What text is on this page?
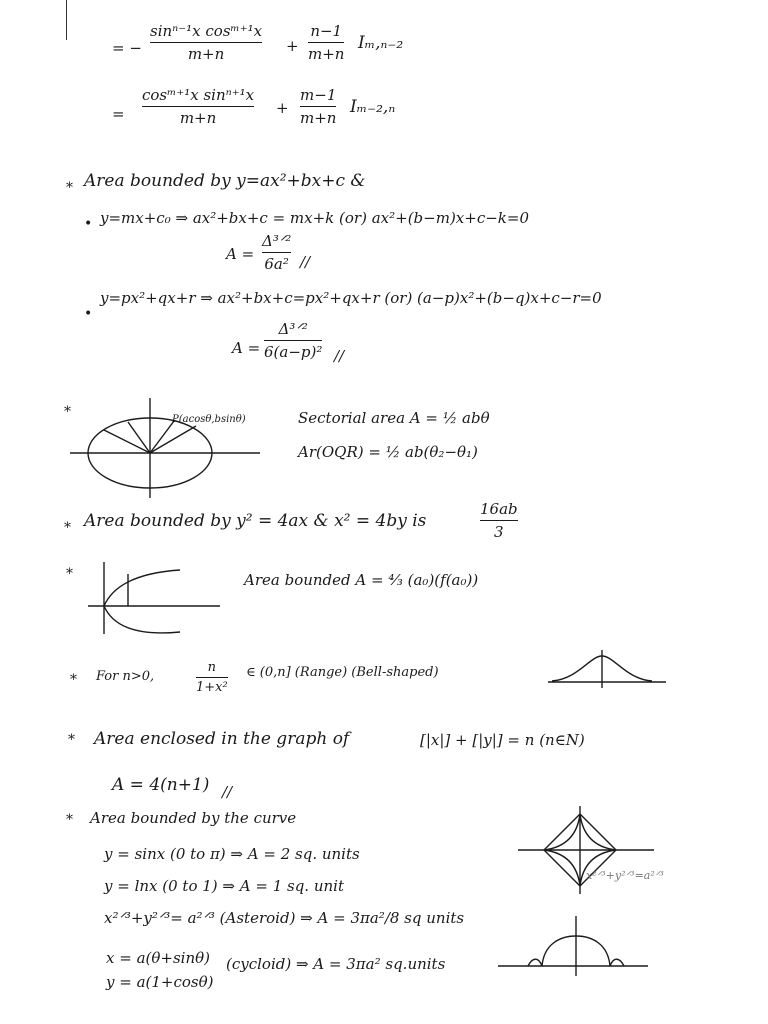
= −
sinⁿ⁻¹x cosᵐ⁺¹x
m+n	+
n−1
m+n
Iₘ,ₙ₋₂
=
cosᵐ⁺¹x sinⁿ⁺¹x
m+n
+
m−1
m+n
Iₘ₋₂,ₙ
* Area bounded by y=ax²+bx+c &
• y=mx+c₀ ⇒ ax²+bx+c = mx+k (or) ax²+(b−m)x+c−k=0
A =
Δ³ᐟ²
6a² //
•
y=px²+qx+r ⇒ ax²+bx+c=px²+qx+r (or) (a−p)x²+(b−q)x+c−r=0
A =
Δ³ᐟ²
6(a−p)² //
*	P(acosθ,bsinθ)	Sectorial area A = ½ abθ
Ar(OQR) = ½ ab(θ₂−θ₁)
* Area bounded by y² = 4ax & x² = 4by is
16ab
3
*	Area bounded A = ⁴⁄₃ (a₀)(f(a₀))
* For n>0,
n
1+x²
∈ (0,n] (Range) (Bell-shaped)
* Area enclosed in the graph of	[|x|] + [|y|] = n (n∈N)
A = 4(n+1) //
* Area bounded by the curve
y = sinx (0 to π) ⇒ A = 2 sq. units
y = lnx (0 to 1) ⇒ A = 1 sq. unit
x²ᐟ³+y²ᐟ³= a²ᐟ³ (Asteroid) ⇒ A = 3πa²/8 sq units
x = a(θ+sinθ)
y = a(1+cosθ)
(cycloid) ⇒ A = 3πa² sq.units
x²ᐟ³+y²ᐟ³=a²ᐟ³
